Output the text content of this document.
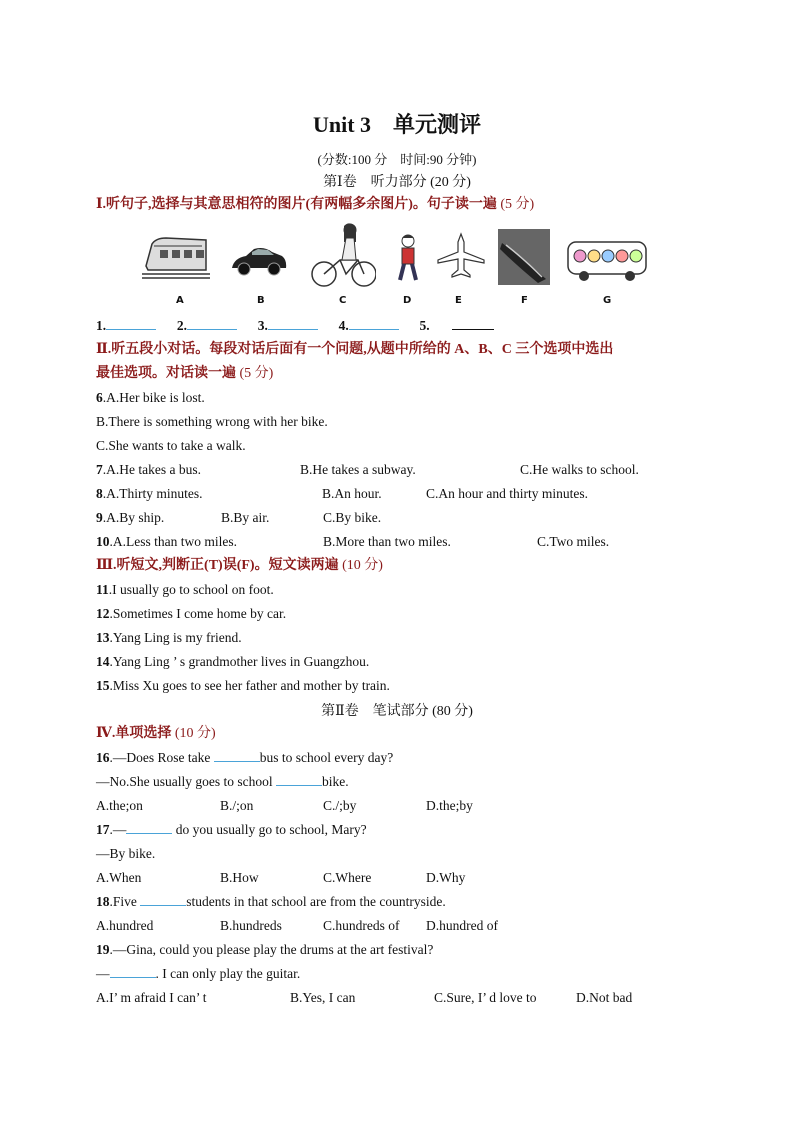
Unit 3　单元测评
(分数:100 分　时间:90 分钟)
第Ⅰ卷　听力部分 (20 分)
Ⅰ.听句子,选择与其意思相符的图片(有两幅多余图片)。句子读一遍 (5 分)
A	B	C	D	E	F	G
1.	2.	3.	4.	5.
Ⅱ.听五段小对话。每段对话后面有一个问题,从题中所给的 A、B、C 三个选项中选出
最佳选项。对话读一遍 (5 分)
6.A.Her bike is lost.
B.There is something wrong with her bike.
C.She wants to take a walk.
7.A.He takes a bus.	B.He takes a subway.	C.He walks to school.
8.A.Thirty minutes.	B.An hour.	C.An hour and thirty minutes.
9.A.By ship.	B.By air.	C.By bike.
10.A.Less than two miles.	B.More than two miles.	C.Two miles.
Ⅲ.听短文,判断正(T)误(F)。短文读两遍 (10 分)
11.I usually go to school on foot.
12.Sometimes I come home by car.
13.Yang Ling is my friend.
14.Yang Ling ’ s grandmother lives in Guangzhou.
15.Miss Xu goes to see her father and mother by train.
第Ⅱ卷　笔试部分 (80 分)
Ⅳ.单项选择 (10 分)
16.—Does Rose take	bus to school every day?
—No.She usually goes to school	bike.
A.the;on	B./;on	C./;by	D.the;by
17.—	do you usually go to school, Mary?
—By bike.
A.When	B.How	C.Where	D.Why
18.Five	students in that school are from the countryside.
A.hundred	B.hundreds	C.hundreds of D.hundred of
19.—Gina, could you please play the drums at the art festival?
—	. I can only play the guitar.
A.I’ m afraid I can’ t	B.Yes, I can	C.Sure, I’ d love to	D.Not bad
